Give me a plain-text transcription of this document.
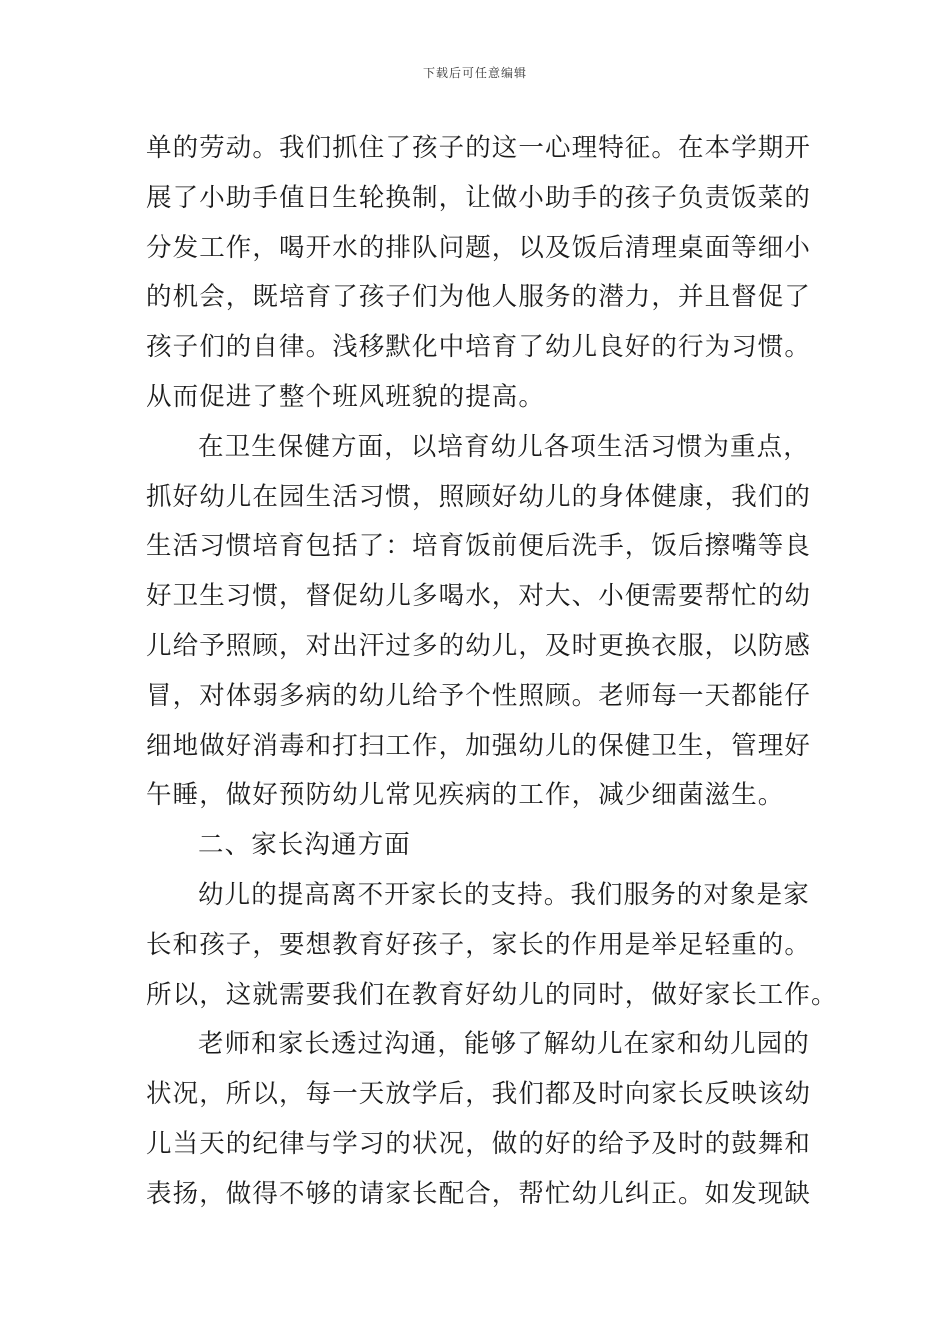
下载后可任意编辑
单的劳动。我们抓住了孩子的这一心理特征。在本学期开
展了小助手值日生轮换制，让做小助手的孩子负责饭菜的
分发工作，喝开水的排队问题，以及饭后清理桌面等细小
的机会，既培育了孩子们为他人服务的潜力，并且督促了
孩子们的自律。浅移默化中培育了幼儿良好的行为习惯。
从而促进了整个班风班貌的提高。
在卫生保健方面，以培育幼儿各项生活习惯为重点，
抓好幼儿在园生活习惯，照顾好幼儿的身体健康，我们的
生活习惯培育包括了：培育饭前便后洗手，饭后擦嘴等良
好卫生习惯，督促幼儿多喝水，对大、小便需要帮忙的幼
儿给予照顾，对出汗过多的幼儿，及时更换衣服，以防感
冒，对体弱多病的幼儿给予个性照顾。老师每一天都能仔
细地做好消毒和打扫工作，加强幼儿的保健卫生，管理好
午睡，做好预防幼儿常见疾病的工作，减少细菌滋生。
二、家长沟通方面
幼儿的提高离不开家长的支持。我们服务的对象是家
长和孩子，要想教育好孩子，家长的作用是举足轻重的。
所以，这就需要我们在教育好幼儿的同时，做好家长工作。
老师和家长透过沟通，能够了解幼儿在家和幼儿园的
状况，所以，每一天放学后，我们都及时向家长反映该幼
儿当天的纪律与学习的状况，做的好的给予及时的鼓舞和
表扬，做得不够的请家长配合，帮忙幼儿纠正。如发现缺
